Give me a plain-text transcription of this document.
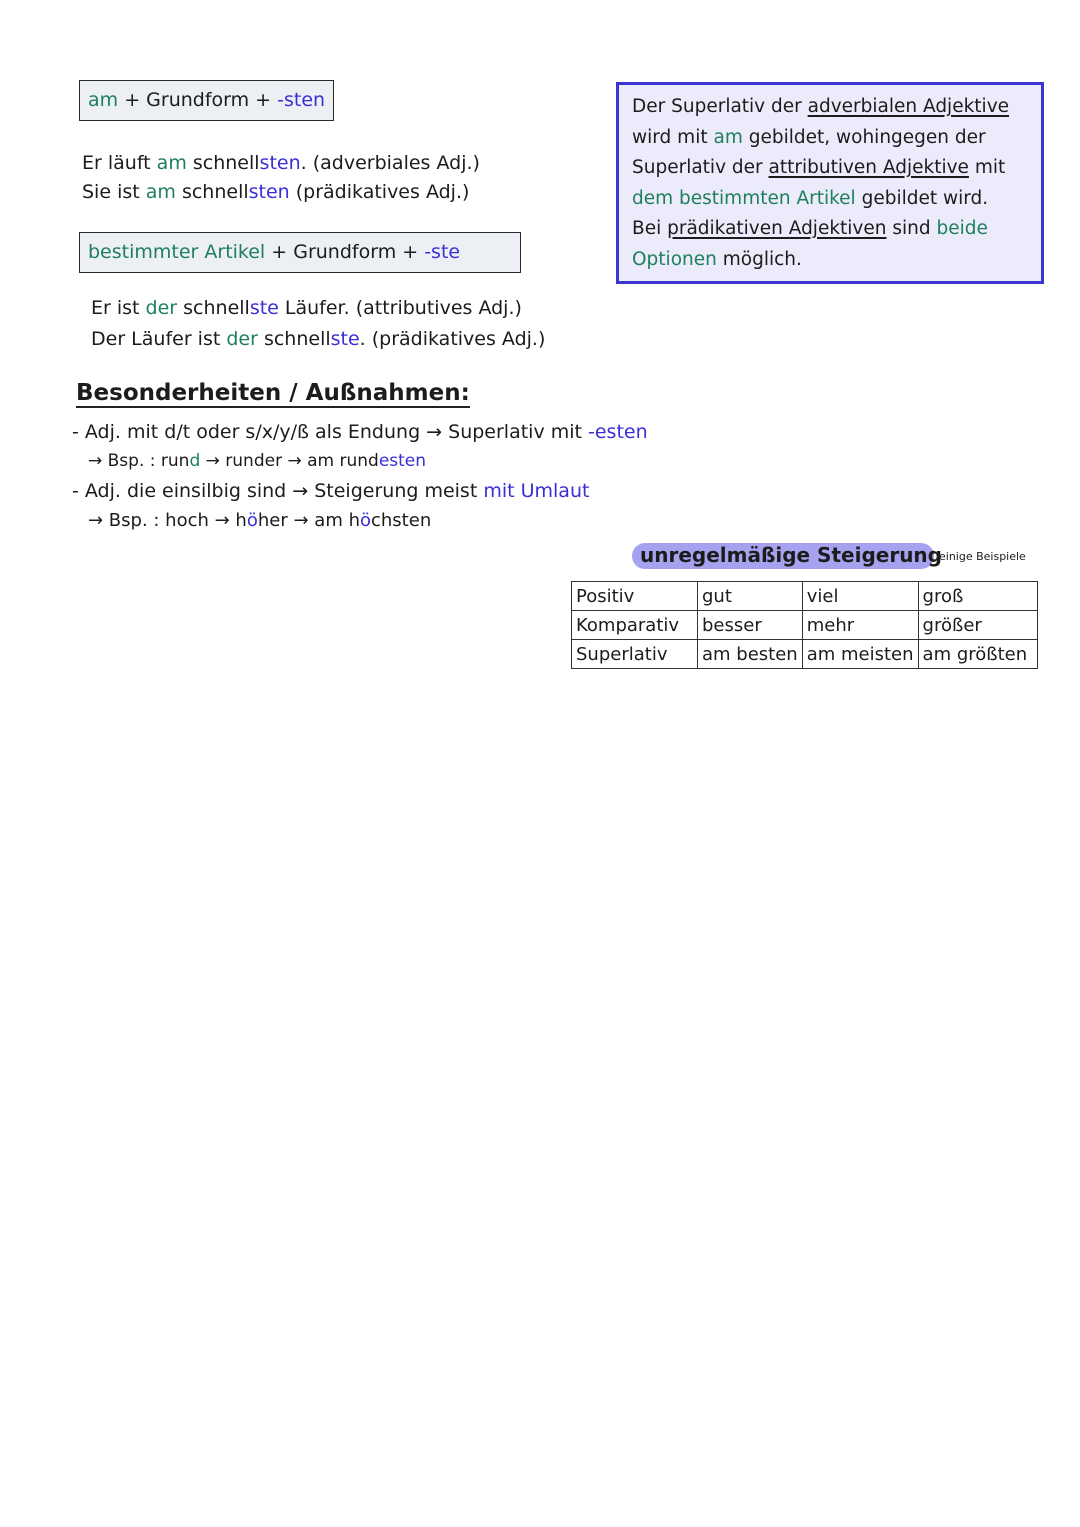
am + Grundform + -sten
Er läuft am schnellsten. (adverbiales Adj.)
Sie ist am schnellsten (prädikatives Adj.)
bestimmter Artikel + Grundform + -ste
Er ist der schnellste Läufer. (attributives Adj.)
Der Läufer ist der schnellste. (prädikatives Adj.)

Der Superlativ der adverbialen Adjektive

wird mit am gebildet, wohingegen der

Superlativ der attributiven Adjektive mit

dem bestimmten Artikel gebildet wird.

Bei prädikativen Adjektiven sind beide

Optionen möglich.

Besonderheiten / Außnahmen:
- Adj. mit d/t oder s/x/y/ß als Endung → Superlativ mit -esten
→ Bsp. : rund → runder → am rundesten
- Adj. die einsilbig sind → Steigerung meist mit Umlaut
→ Bsp. : hoch → höher → am höchsten
unregelmäßige Steigerung
einige Beispiele
Positiv	gut	viel	groß
Komparativ	besser	mehr	größer
Superlativ	am besten	am meisten	am größten
